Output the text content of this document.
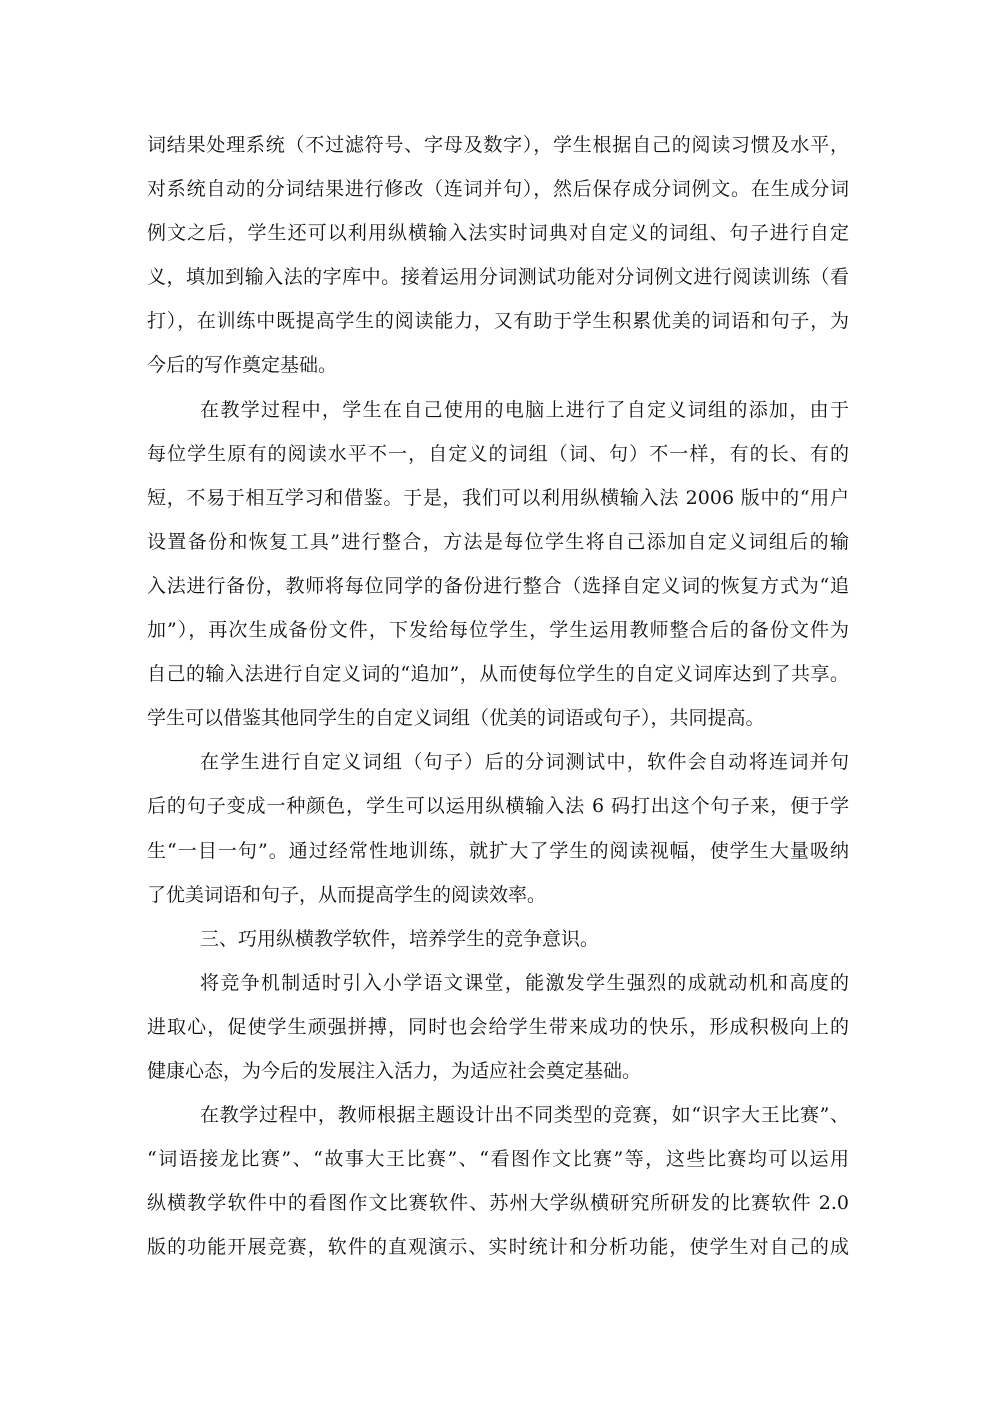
词结果处理系统（不过滤符号、字母及数字），学生根据自己的阅读习惯及水平，
对系统自动的分词结果进行修改（连词并句），然后保存成分词例文。在生成分词
例文之后，学生还可以利用纵横输入法实时词典对自定义的词组、句子进行自定
义，填加到输入法的字库中。接着运用分词测试功能对分词例文进行阅读训练（看
打），在训练中既提高学生的阅读能力，又有助于学生积累优美的词语和句子，为
今后的写作奠定基础。
在教学过程中，学生在自己使用的电脑上进行了自定义词组的添加，由于
每位学生原有的阅读水平不一，自定义的词组（词、句）不一样，有的长、有的
短，不易于相互学习和借鉴。于是，我们可以利用纵横输入法 2006 版中的“用户
设置备份和恢复工具”进行整合，方法是每位学生将自己添加自定义词组后的输
入法进行备份，教师将每位同学的备份进行整合（选择自定义词的恢复方式为“追
加”），再次生成备份文件，下发给每位学生，学生运用教师整合后的备份文件为
自己的输入法进行自定义词的“追加”，从而使每位学生的自定义词库达到了共享。
学生可以借鉴其他同学生的自定义词组（优美的词语或句子），共同提高。
在学生进行自定义词组（句子）后的分词测试中，软件会自动将连词并句
后的句子变成一种颜色，学生可以运用纵横输入法 6 码打出这个句子来，便于学
生“一目一句”。通过经常性地训练，就扩大了学生的阅读视幅，使学生大量吸纳
了优美词语和句子，从而提高学生的阅读效率。
三、巧用纵横教学软件，培养学生的竞争意识。
将竞争机制适时引入小学语文课堂，能激发学生强烈的成就动机和高度的
进取心，促使学生顽强拼搏，同时也会给学生带来成功的快乐，形成积极向上的
健康心态，为今后的发展注入活力，为适应社会奠定基础。
在教学过程中，教师根据主题设计出不同类型的竞赛，如“识字大王比赛”、
“词语接龙比赛”、“故事大王比赛”、“看图作文比赛”等，这些比赛均可以运用
纵横教学软件中的看图作文比赛软件、苏州大学纵横研究所研发的比赛软件 2.0
版的功能开展竞赛，软件的直观演示、实时统计和分析功能，使学生对自己的成
